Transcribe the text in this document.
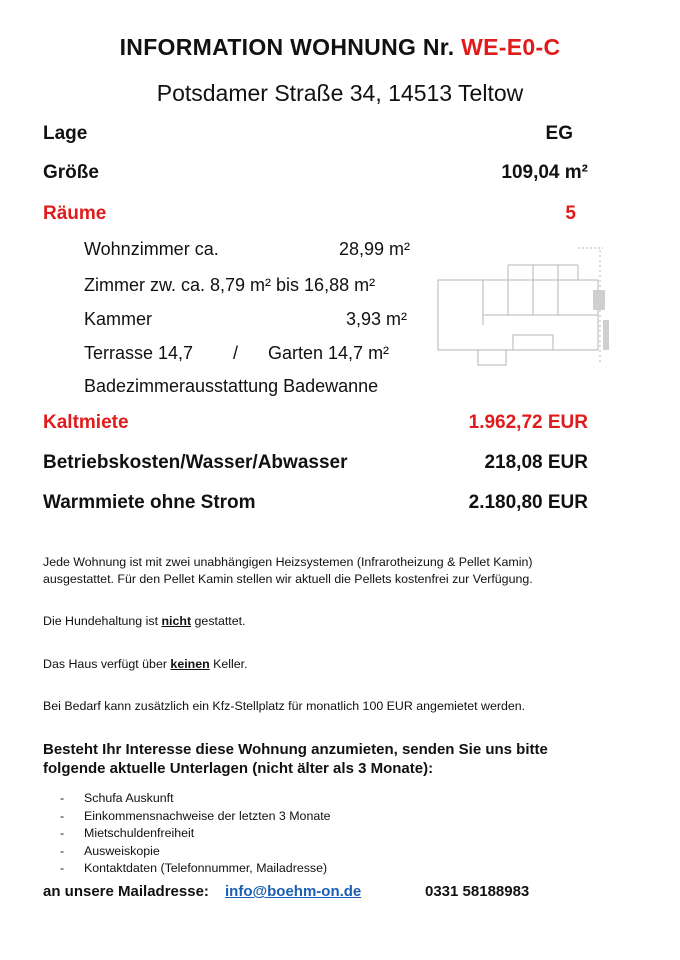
INFORMATION WOHNUNG Nr. WE-E0-C
Potsdamer Straße 34, 14513 Teltow
Lage	EG
Größe	109,04 m²
Räume	5
Wohnzimmer ca.	28,99 m²
Zimmer zw. ca. 8,79 m² bis 16,88 m²
Kammer	3,93 m²
Terrasse 14,7 / Garten 14,7 m²
Badezimmerausstattung Badewanne
Kaltmiete	1.962,72 EUR
Betriebskosten/Wasser/Abwasser	218,08 EUR
Warmmiete ohne Strom	2.180,80 EUR
Jede Wohnung ist mit zwei unabhängigen Heizsystemen (Infrarotheizung & Pellet Kamin)
ausgestattet. Für den Pellet Kamin stellen wir aktuell die Pellets kostenfrei zur Verfügung.
Die Hundehaltung ist nicht gestattet.
Das Haus verfügt über keinen Keller.
Bei Bedarf kann zusätzlich ein Kfz-Stellplatz für monatlich 100 EUR angemietet werden.
Besteht Ihr Interesse diese Wohnung anzumieten, senden Sie uns bitte
folgende aktuelle Unterlagen (nicht älter als 3 Monate):
- Schufa Auskunft
- Einkommensnachweise der letzten 3 Monate
- Mietschuldenfreiheit
- Ausweiskopie
- Kontaktdaten (Telefonnummer, Mailadresse)
an unsere Mailadresse: info@boehm-on.de	0331 58188983
